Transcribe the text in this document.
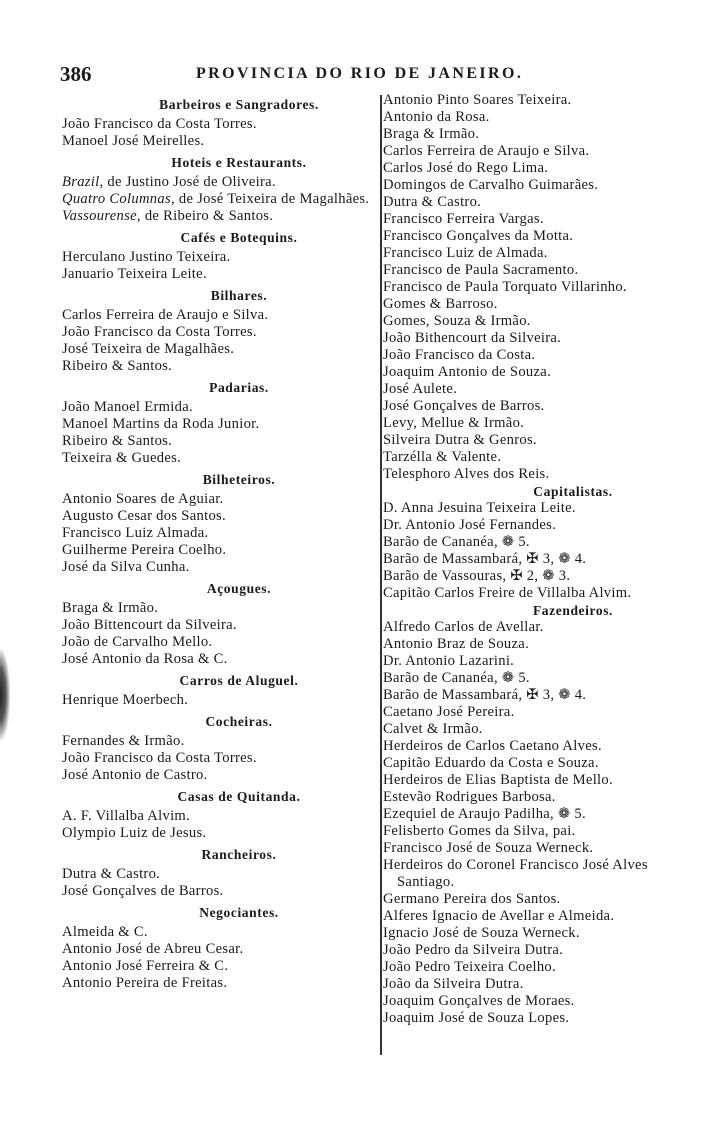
386	PROVINCIA DO RIO DE JANEIRO.
Barbeiros e Sangradores.
João Francisco da Costa Torres.
Manoel José Meirelles.
Hoteis e Restaurants.
Brazil, de Justino José de Oliveira.
Quatro Columnas, de José Teixeira de Magalhães.
Vassourense, de Ribeiro & Santos.
Cafés e Botequins.
Herculano Justino Teixeira.
Januario Teixeira Leite.
Bilhares.
Carlos Ferreira de Araujo e Silva.
João Francisco da Costa Torres.
José Teixeira de Magalhães.
Ribeiro & Santos.
Padarias.
João Manoel Ermida.
Manoel Martins da Roda Junior.
Ribeiro & Santos.
Teixeira & Guedes.
Bilheteiros.
Antonio Soares de Aguiar.
Augusto Cesar dos Santos.
Francisco Luiz Almada.
Guilherme Pereira Coelho.
José da Silva Cunha.
Açougues.
Braga & Irmão.
João Bittencourt da Silveira.
João de Carvalho Mello.
José Antonio da Rosa & C.
Carros de Aluguel.
Henrique Moerbech.
Cocheiras.
Fernandes & Irmão.
João Francisco da Costa Torres.
José Antonio de Castro.
Casas de Quitanda.
A. F. Villalba Alvim.
Olympio Luiz de Jesus.
Rancheiros.
Dutra & Castro.
José Gonçalves de Barros.
Negociantes.
Almeida & C.
Antonio José de Abreu Cesar.
Antonio José Ferreira & C.
Antonio Pereira de Freitas.
Antonio Pinto Soares Teixeira.
Antonio da Rosa.
Braga & Irmão.
Carlos Ferreira de Araujo e Silva.
Carlos José do Rego Lima.
Domingos de Carvalho Guimarães.
Dutra & Castro.
Francisco Ferreira Vargas.
Francisco Gonçalves da Motta.
Francisco Luiz de Almada.
Francisco de Paula Sacramento.
Francisco de Paula Torquato Villarinho.
Gomes & Barroso.
Gomes, Souza & Irmão.
João Bithencourt da Silveira.
João Francisco da Costa.
Joaquim Antonio de Souza.
José Aulete.
José Gonçalves de Barros.
Levy, Mellue & Irmão.
Silveira Dutra & Genros.
Tarzélla & Valente.
Telesphoro Alves dos Reis.
Capitalistas.
D. Anna Jesuina Teixeira Leite.
Dr. Antonio José Fernandes.
Barão de Cananéa, ❁ 5.
Barão de Massambará, ✠ 3, ❁ 4.
Barão de Vassouras, ✠ 2, ❁ 3.
Capitão Carlos Freire de Villalba Alvim.
Fazendeiros.
Alfredo Carlos de Avellar.
Antonio Braz de Souza.
Dr. Antonio Lazarini.
Barão de Cananéa, ❁ 5.
Barão de Massambará, ✠ 3, ❁ 4.
Caetano José Pereira.
Calvet & Irmão.
Herdeiros de Carlos Caetano Alves.
Capitão Eduardo da Costa e Souza.
Herdeiros de Elias Baptista de Mello.
Estevão Rodrigues Barbosa.
Ezequiel de Araujo Padilha, ❁ 5.
Felisberto Gomes da Silva, pai.
Francisco José de Souza Werneck.
Herdeiros do Coronel Francisco José Alves Santiago.
Germano Pereira dos Santos.
Alferes Ignacio de Avellar e Almeida.
Ignacio José de Souza Werneck.
João Pedro da Silveira Dutra.
João Pedro Teixeira Coelho.
João da Silveira Dutra.
Joaquim Gonçalves de Moraes.
Joaquim José de Souza Lopes.
